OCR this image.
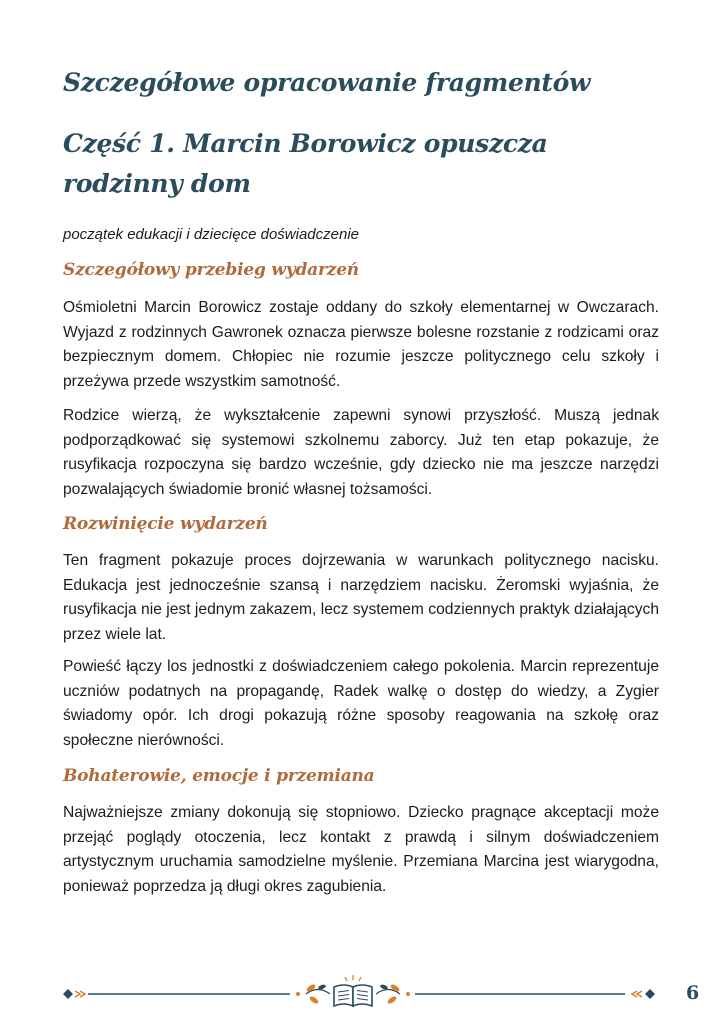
Szczegółowe opracowanie fragmentów
Część 1. Marcin Borowicz opuszcza rodzinny dom

początek edukacji i dziecięce doświadczenie

Szczegółowy przebieg wydarzeń

Ośmioletni Marcin Borowicz zostaje oddany do szkoły elementarnej w Owczarach. Wyjazd z rodzinnych Gawronek oznacza pierwsze bolesne rozstanie z rodzicami oraz bezpiecznym domem. Chłopiec nie rozumie jeszcze politycznego celu szkoły i przeżywa przede wszystkim samotność.

Rodzice wierzą, że wykształcenie zapewni synowi przyszłość. Muszą jednak podporządkować się systemowi szkolnemu zaborcy. Już ten etap pokazuje, że rusyfikacja rozpoczyna się bardzo wcześnie, gdy dziecko nie ma jeszcze narzędzi pozwalających świadomie bronić własnej tożsamości.

Rozwinięcie wydarzeń

Ten fragment pokazuje proces dojrzewania w warunkach politycznego nacisku. Edukacja jest jednocześnie szansą i narzędziem nacisku. Żeromski wyjaśnia, że rusyfikacja nie jest jednym zakazem, lecz systemem codziennych praktyk działających przez wiele lat.

Powieść łączy los jednostki z doświadczeniem całego pokolenia. Marcin reprezentuje uczniów podatnych na propagandę, Radek walkę o dostęp do wiedzy, a Zygier świadomy opór. Ich drogi pokazują różne sposoby reagowania na szkołę oraz społeczne nierówności.

Bohaterowie, emocje i przemiana

Najważniejsze zmiany dokonują się stopniowo. Dziecko pragnące akceptacji może przejąć poglądy otoczenia, lecz kontakt z prawdą i silnym doświadczeniem artystycznym uruchamia samodzielne myślenie. Przemiana Marcina jest wiarygodna, ponieważ poprzedza ją długi okres zagubienia.

6
